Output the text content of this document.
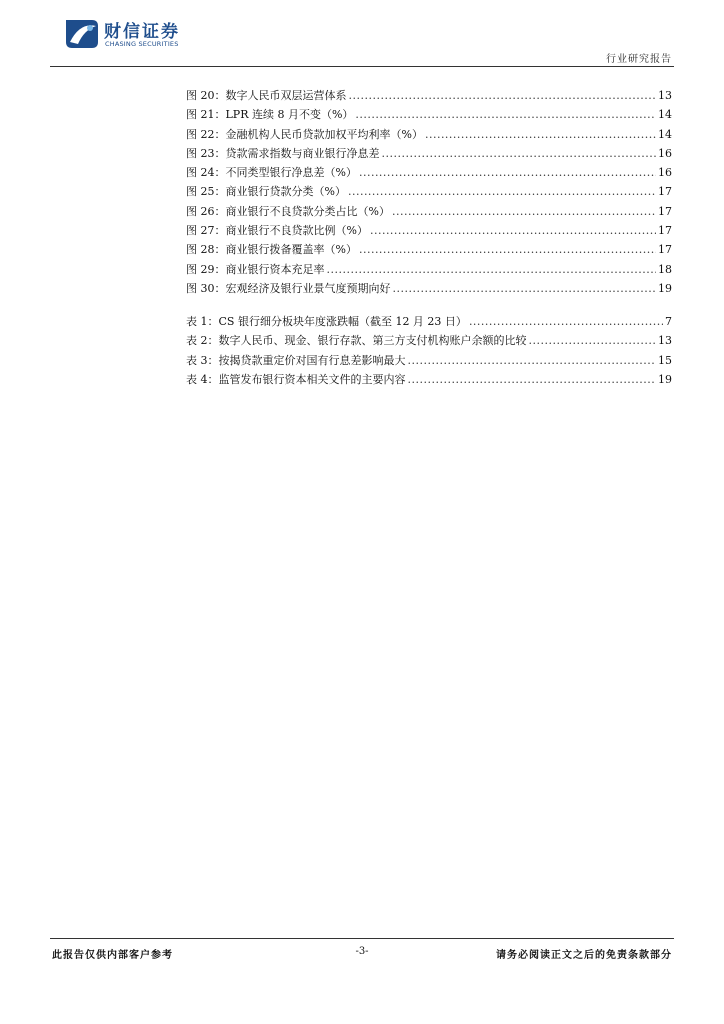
财信证券
CHASING SECURITIES
行业研究报告
图 20：数字人民币双层运营体系 .....	13
图 21：LPR 连续 8 月不变（%） .....	14
图 22：金融机构人民币贷款加权平均利率（%） .....	14
图 23：贷款需求指数与商业银行净息差 .....	16
图 24：不同类型银行净息差（%） .....	16
图 25：商业银行贷款分类（%） .....	17
图 26：商业银行不良贷款分类占比（%） .....	17
图 27：商业银行不良贷款比例（%） .....	17
图 28：商业银行拨备覆盖率（%） .....	17
图 29：商业银行资本充足率 .....	18
图 30：宏观经济及银行业景气度预期向好 .....	19
表 1：CS 银行细分板块年度涨跌幅（截至 12 月 23 日） .....	7
表 2：数字人民币、现金、银行存款、第三方支付机构账户余额的比较 .....	13
表 3：按揭贷款重定价对国有行息差影响最大 .....	15
表 4：监管发布银行资本相关文件的主要内容 .....	19
此报告仅供内部客户参考	-3-	请务必阅读正文之后的免责条款部分
